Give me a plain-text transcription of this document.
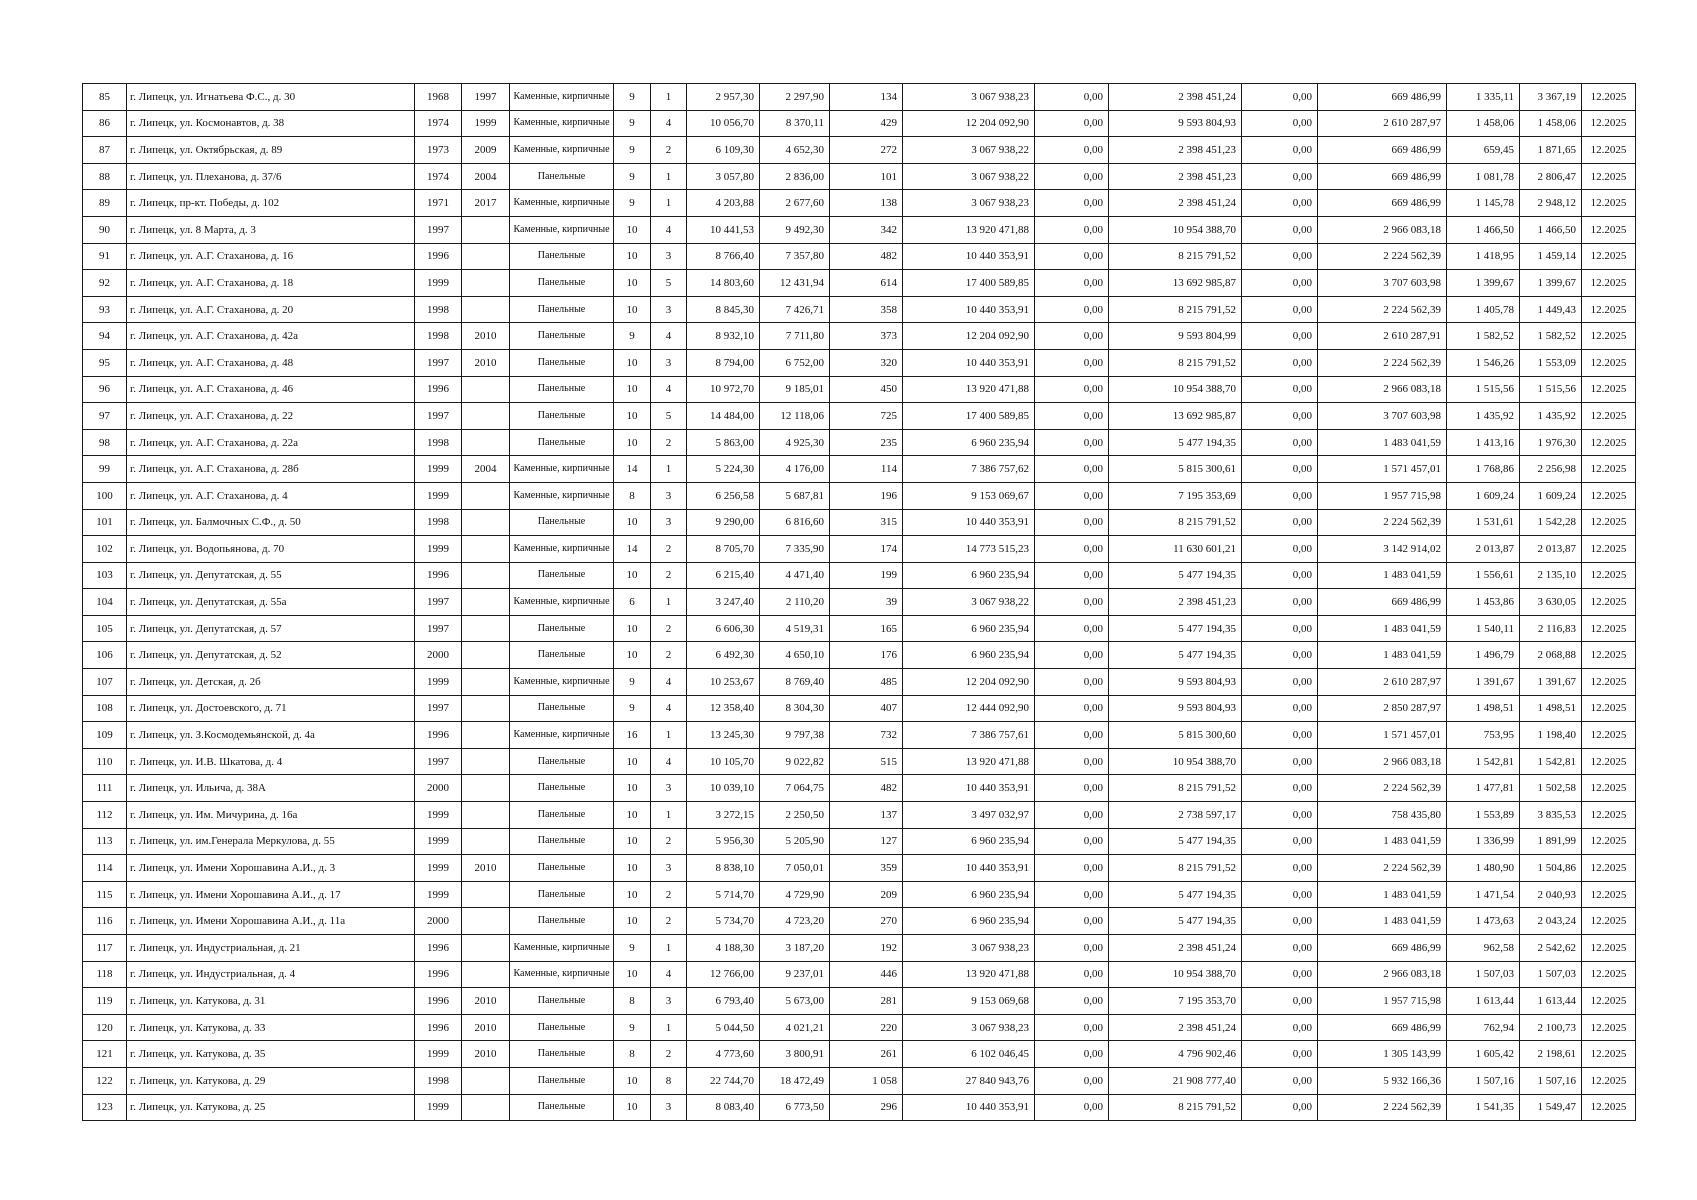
85	г. Липецк, ул. Игнатьева Ф.С., д. 30	1968	1997	Каменные, кирпичные	9	1	2 957,30	2 297,90	134	3 067 938,23	0,00	2 398 451,24	0,00	669 486,99	1 335,11	3 367,19	12.2025
86	г. Липецк, ул. Космонавтов, д. 38	1974	1999	Каменные, кирпичные	9	4	10 056,70	8 370,11	429	12 204 092,90	0,00	9 593 804,93	0,00	2 610 287,97	1 458,06	1 458,06	12.2025
87	г. Липецк, ул. Октябрьская, д. 89	1973	2009	Каменные, кирпичные	9	2	6 109,30	4 652,30	272	3 067 938,22	0,00	2 398 451,23	0,00	669 486,99	659,45	1 871,65	12.2025
88	г. Липецк, ул. Плеханова, д. 37/6	1974	2004	Панельные	9	1	3 057,80	2 836,00	101	3 067 938,22	0,00	2 398 451,23	0,00	669 486,99	1 081,78	2 806,47	12.2025
89	г. Липецк, пр-кт. Победы, д. 102	1971	2017	Каменные, кирпичные	9	1	4 203,88	2 677,60	138	3 067 938,23	0,00	2 398 451,24	0,00	669 486,99	1 145,78	2 948,12	12.2025
90	г. Липецк, ул. 8 Марта, д. 3	1997		Каменные, кирпичные	10	4	10 441,53	9 492,30	342	13 920 471,88	0,00	10 954 388,70	0,00	2 966 083,18	1 466,50	1 466,50	12.2025
91	г. Липецк, ул. А.Г. Стаханова, д. 16	1996		Панельные	10	3	8 766,40	7 357,80	482	10 440 353,91	0,00	8 215 791,52	0,00	2 224 562,39	1 418,95	1 459,14	12.2025
92	г. Липецк, ул. А.Г. Стаханова, д. 18	1999		Панельные	10	5	14 803,60	12 431,94	614	17 400 589,85	0,00	13 692 985,87	0,00	3 707 603,98	1 399,67	1 399,67	12.2025
93	г. Липецк, ул. А.Г. Стаханова, д. 20	1998		Панельные	10	3	8 845,30	7 426,71	358	10 440 353,91	0,00	8 215 791,52	0,00	2 224 562,39	1 405,78	1 449,43	12.2025
94	г. Липецк, ул. А.Г. Стаханова, д. 42а	1998	2010	Панельные	9	4	8 932,10	7 711,80	373	12 204 092,90	0,00	9 593 804,99	0,00	2 610 287,91	1 582,52	1 582,52	12.2025
95	г. Липецк, ул. А.Г. Стаханова, д. 48	1997	2010	Панельные	10	3	8 794,00	6 752,00	320	10 440 353,91	0,00	8 215 791,52	0,00	2 224 562,39	1 546,26	1 553,09	12.2025
96	г. Липецк, ул. А.Г. Стаханова, д. 46	1996		Панельные	10	4	10 972,70	9 185,01	450	13 920 471,88	0,00	10 954 388,70	0,00	2 966 083,18	1 515,56	1 515,56	12.2025
97	г. Липецк, ул. А.Г. Стаханова, д. 22	1997		Панельные	10	5	14 484,00	12 118,06	725	17 400 589,85	0,00	13 692 985,87	0,00	3 707 603,98	1 435,92	1 435,92	12.2025
98	г. Липецк, ул. А.Г. Стаханова, д. 22а	1998		Панельные	10	2	5 863,00	4 925,30	235	6 960 235,94	0,00	5 477 194,35	0,00	1 483 041,59	1 413,16	1 976,30	12.2025
99	г. Липецк, ул. А.Г. Стаханова, д. 28б	1999	2004	Каменные, кирпичные	14	1	5 224,30	4 176,00	114	7 386 757,62	0,00	5 815 300,61	0,00	1 571 457,01	1 768,86	2 256,98	12.2025
100	г. Липецк, ул. А.Г. Стаханова, д. 4	1999		Каменные, кирпичные	8	3	6 256,58	5 687,81	196	9 153 069,67	0,00	7 195 353,69	0,00	1 957 715,98	1 609,24	1 609,24	12.2025
101	г. Липецк, ул. Балмочных С.Ф., д. 50	1998		Панельные	10	3	9 290,00	6 816,60	315	10 440 353,91	0,00	8 215 791,52	0,00	2 224 562,39	1 531,61	1 542,28	12.2025
102	г. Липецк, ул. Водопьянова, д. 70	1999		Каменные, кирпичные	14	2	8 705,70	7 335,90	174	14 773 515,23	0,00	11 630 601,21	0,00	3 142 914,02	2 013,87	2 013,87	12.2025
103	г. Липецк, ул. Депутатская, д. 55	1996		Панельные	10	2	6 215,40	4 471,40	199	6 960 235,94	0,00	5 477 194,35	0,00	1 483 041,59	1 556,61	2 135,10	12.2025
104	г. Липецк, ул. Депутатская, д. 55а	1997		Каменные, кирпичные	6	1	3 247,40	2 110,20	39	3 067 938,22	0,00	2 398 451,23	0,00	669 486,99	1 453,86	3 630,05	12.2025
105	г. Липецк, ул. Депутатская, д. 57	1997		Панельные	10	2	6 606,30	4 519,31	165	6 960 235,94	0,00	5 477 194,35	0,00	1 483 041,59	1 540,11	2 116,83	12.2025
106	г. Липецк, ул. Депутатская, д. 52	2000		Панельные	10	2	6 492,30	4 650,10	176	6 960 235,94	0,00	5 477 194,35	0,00	1 483 041,59	1 496,79	2 068,88	12.2025
107	г. Липецк, ул. Детская, д. 2б	1999		Каменные, кирпичные	9	4	10 253,67	8 769,40	485	12 204 092,90	0,00	9 593 804,93	0,00	2 610 287,97	1 391,67	1 391,67	12.2025
108	г. Липецк, ул. Достоевского, д. 71	1997		Панельные	9	4	12 358,40	8 304,30	407	12 444 092,90	0,00	9 593 804,93	0,00	2 850 287,97	1 498,51	1 498,51	12.2025
109	г. Липецк, ул. З.Космодемьянской, д. 4а	1996		Каменные, кирпичные	16	1	13 245,30	9 797,38	732	7 386 757,61	0,00	5 815 300,60	0,00	1 571 457,01	753,95	1 198,40	12.2025
110	г. Липецк, ул. И.В. Шкатова, д. 4	1997		Панельные	10	4	10 105,70	9 022,82	515	13 920 471,88	0,00	10 954 388,70	0,00	2 966 083,18	1 542,81	1 542,81	12.2025
111	г. Липецк, ул. Ильича, д. 38А	2000		Панельные	10	3	10 039,10	7 064,75	482	10 440 353,91	0,00	8 215 791,52	0,00	2 224 562,39	1 477,81	1 502,58	12.2025
112	г. Липецк, ул. Им. Мичурина, д. 16а	1999		Панельные	10	1	3 272,15	2 250,50	137	3 497 032,97	0,00	2 738 597,17	0,00	758 435,80	1 553,89	3 835,53	12.2025
113	г. Липецк, ул. им.Генерала Меркулова, д. 55	1999		Панельные	10	2	5 956,30	5 205,90	127	6 960 235,94	0,00	5 477 194,35	0,00	1 483 041,59	1 336,99	1 891,99	12.2025
114	г. Липецк, ул. Имени Хорошавина А.И., д. 3	1999	2010	Панельные	10	3	8 838,10	7 050,01	359	10 440 353,91	0,00	8 215 791,52	0,00	2 224 562,39	1 480,90	1 504,86	12.2025
115	г. Липецк, ул. Имени Хорошавина А.И., д. 17	1999		Панельные	10	2	5 714,70	4 729,90	209	6 960 235,94	0,00	5 477 194,35	0,00	1 483 041,59	1 471,54	2 040,93	12.2025
116	г. Липецк, ул. Имени Хорошавина А.И., д. 11а	2000		Панельные	10	2	5 734,70	4 723,20	270	6 960 235,94	0,00	5 477 194,35	0,00	1 483 041,59	1 473,63	2 043,24	12.2025
117	г. Липецк, ул. Индустриальная, д. 21	1996		Каменные, кирпичные	9	1	4 188,30	3 187,20	192	3 067 938,23	0,00	2 398 451,24	0,00	669 486,99	962,58	2 542,62	12.2025
118	г. Липецк, ул. Индустриальная, д. 4	1996		Каменные, кирпичные	10	4	12 766,00	9 237,01	446	13 920 471,88	0,00	10 954 388,70	0,00	2 966 083,18	1 507,03	1 507,03	12.2025
119	г. Липецк, ул. Катукова, д. 31	1996	2010	Панельные	8	3	6 793,40	5 673,00	281	9 153 069,68	0,00	7 195 353,70	0,00	1 957 715,98	1 613,44	1 613,44	12.2025
120	г. Липецк, ул. Катукова, д. 33	1996	2010	Панельные	9	1	5 044,50	4 021,21	220	3 067 938,23	0,00	2 398 451,24	0,00	669 486,99	762,94	2 100,73	12.2025
121	г. Липецк, ул. Катукова, д. 35	1999	2010	Панельные	8	2	4 773,60	3 800,91	261	6 102 046,45	0,00	4 796 902,46	0,00	1 305 143,99	1 605,42	2 198,61	12.2025
122	г. Липецк, ул. Катукова, д. 29	1998		Панельные	10	8	22 744,70	18 472,49	1 058	27 840 943,76	0,00	21 908 777,40	0,00	5 932 166,36	1 507,16	1 507,16	12.2025
123	г. Липецк, ул. Катукова, д. 25	1999		Панельные	10	3	8 083,40	6 773,50	296	10 440 353,91	0,00	8 215 791,52	0,00	2 224 562,39	1 541,35	1 549,47	12.2025
